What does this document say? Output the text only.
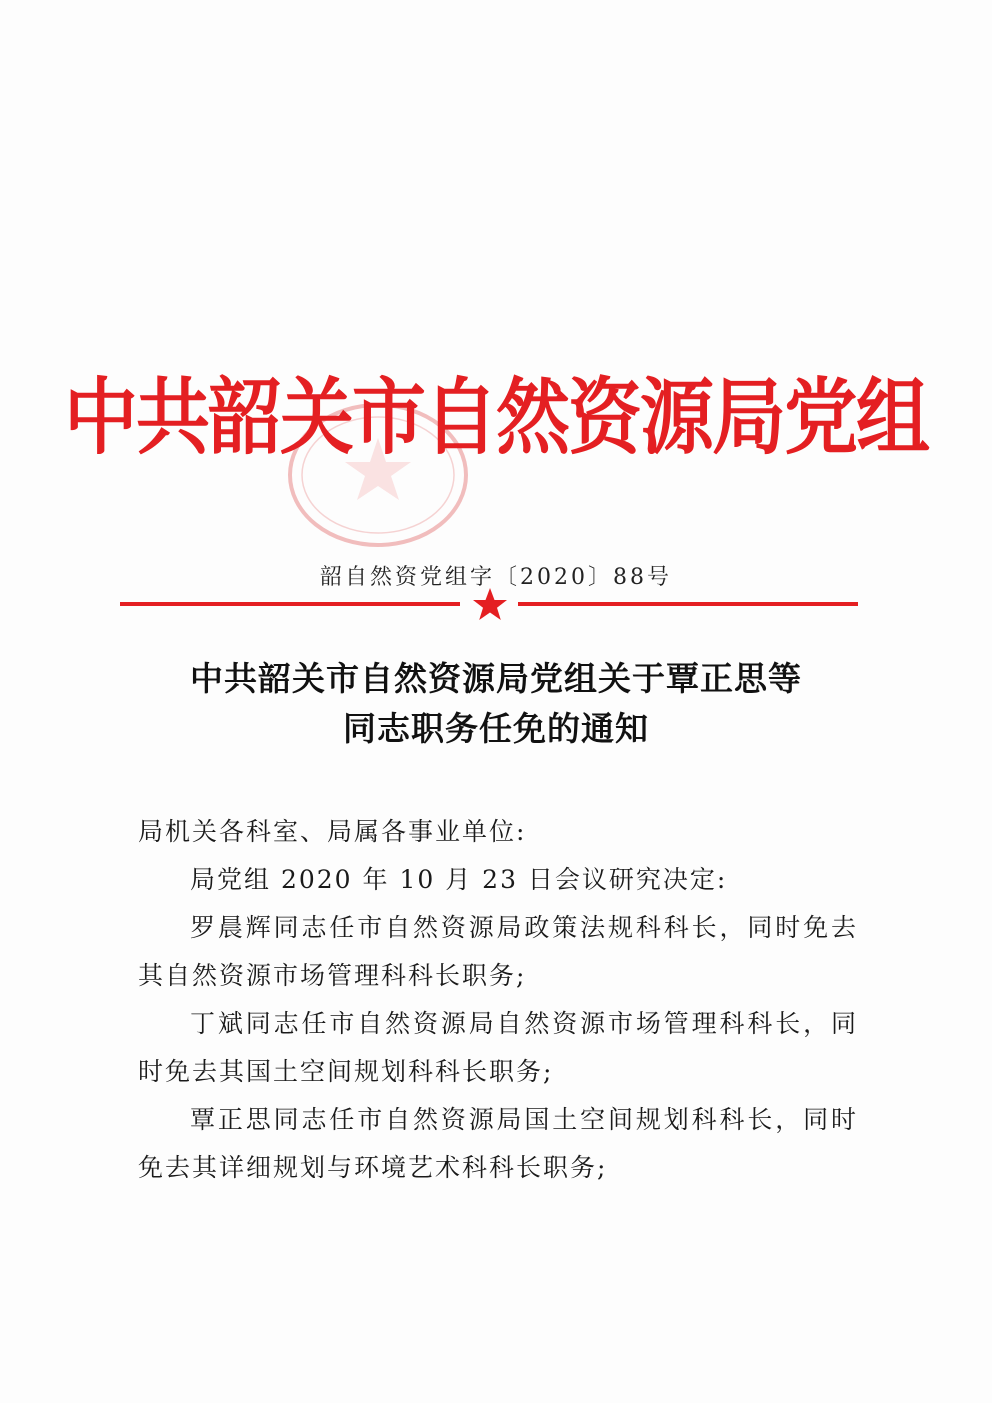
中共韶关市自然资源局党组
韶自然资党组字〔2020〕88号
中共韶关市自然资源局党组关于覃正思等
同志职务任免的通知

局机关各科室、局属各事业单位:

局党组 2020 年 10 月 23 日会议研究决定:

罗晨辉同志任市自然资源局政策法规科科长，同时免去其自然资源市场管理科科长职务;

丁斌同志任市自然资源局自然资源市场管理科科长，同时免去其国土空间规划科科长职务;

覃正思同志任市自然资源局国土空间规划科科长，同时免去其详细规划与环境艺术科科长职务;
